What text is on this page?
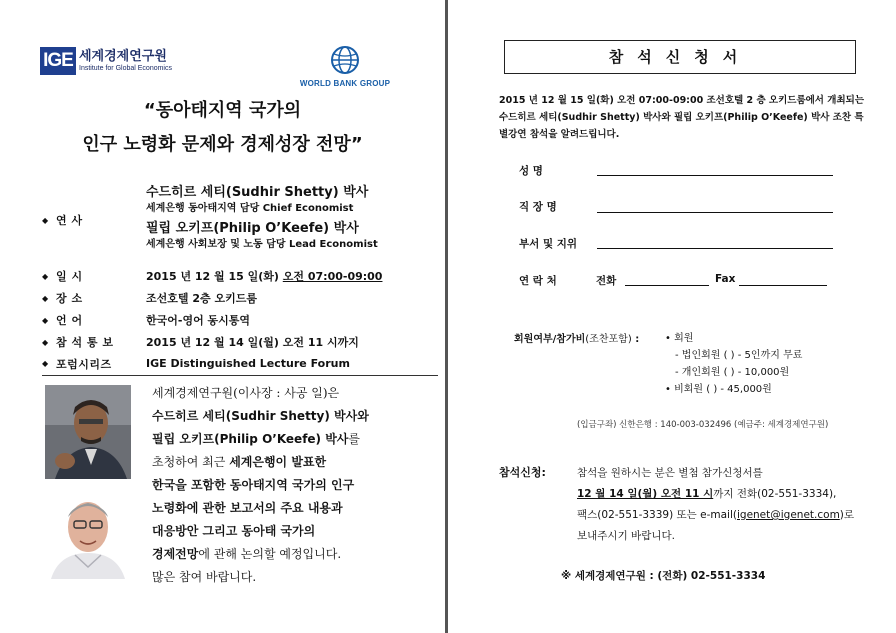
IGE 세계경제연구원
Institute for Global Economics
WORLD BANK GROUP
“동아태지역 국가의
인구 노령화 문제와 경제성장 전망”
◆	연 사	수드히르 세티(Sudhir Shetty) 박사
세계은행 동아태지역 담당 Chief Economist
필립 오키프(Philip O’Keefe) 박사
세계은행 사회보장 및 노동 담당 Lead Economist

◆	일 시	2015 년 12 월 15 일(화) 오전 07:00-09:00
◆	장 소	조선호텔 2층 오키드룸
◆	언 어	한국어-영어 동시통역
◆	참 석 통 보	2015 년 12 월 14 일(월) 오전 11 시까지
◆	포럼시리즈	IGE Distinguished Lecture Forum
세계경제연구원(이사장 : 사공 일)은
수드히르 세티(Sudhir Shetty) 박사와
필립 오키프(Philip O’Keefe) 박사를
초청하여 최근 세계은행이 발표한
한국을 포함한 동아태지역 국가의 인구
노령화에 관한 보고서의 주요 내용과
대응방안 그리고 동아태 국가의
경제전망에 관해 논의할 예정입니다.
많은 참여 바랍니다.
참석신청서
2015 년 12 월 15 일(화) 오전 07:00-09:00 조선호텔 2 층 오키드룸에서 개최되는 수드히르 세티(Sudhir Shetty) 박사와 필립 오키프(Philip O’Keefe) 박사 조찬 특별강연 참석을 알려드립니다.
성 명
직 장 명
부서 및 지위
연 락 처	전화	Fax
회원여부/참가비(조찬포함) :	• 회원
- 법인회원 ( ) - 5인까지 무료
- 개인회원 ( ) - 10,000원
• 비회원 ( ) - 45,000원
(입금구좌) 신한은행 : 140-003-032496 (예금주: 세계경제연구원)
참석신청:	참석을 원하시는 분은 별첨 참가신청서를
12 월 14 일(월) 오전 11 시까지 전화(02-551-3334),
팩스(02-551-3339) 또는 e-mail(igenet@igenet.com)로
보내주시기 바랍니다.
※ 세계경제연구원 : (전화) 02-551-3334
